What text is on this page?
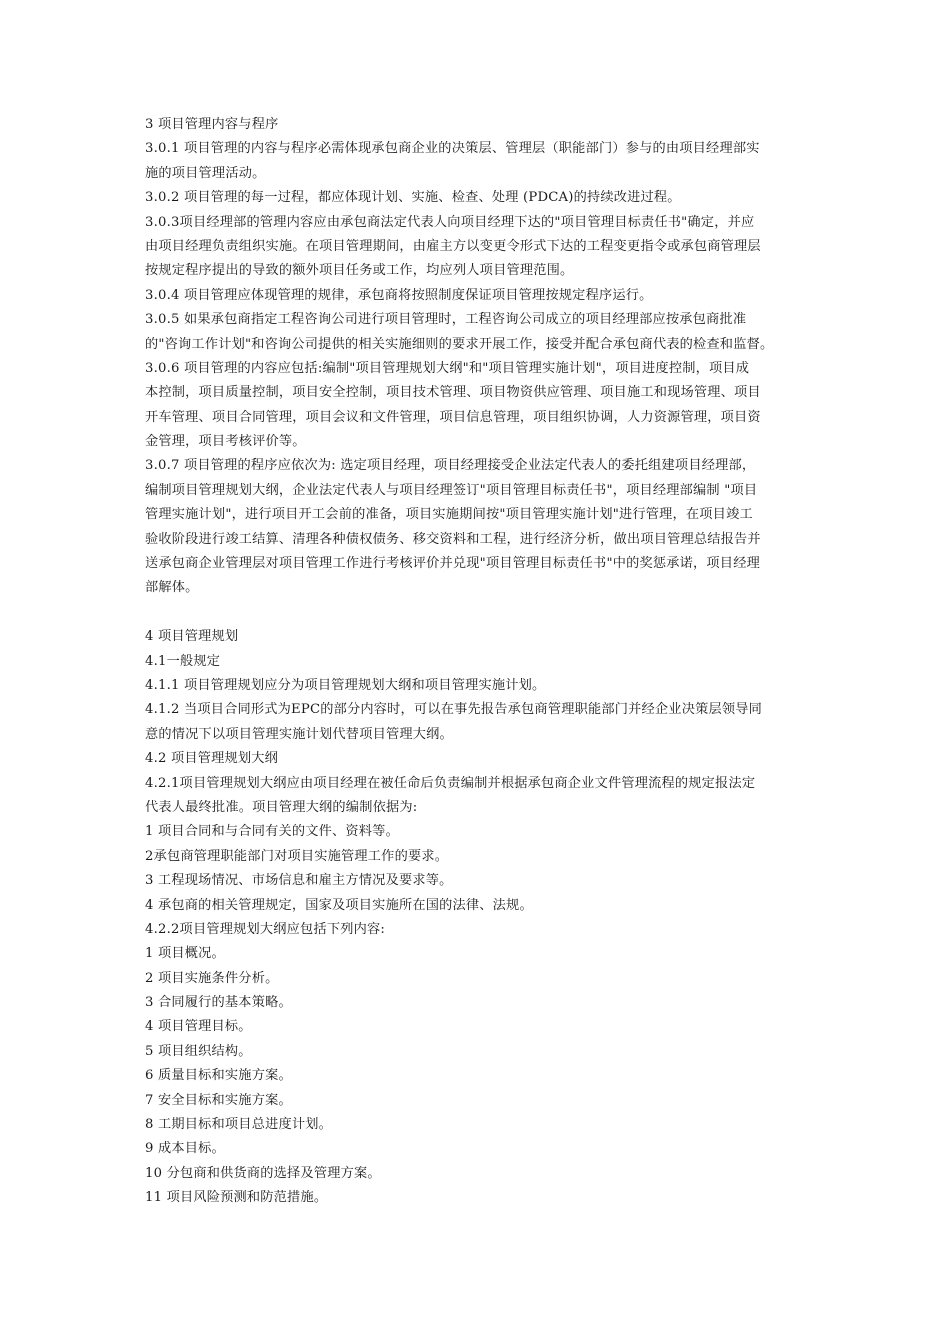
3 项目管理内容与程序
3.0.1 项目管理的内容与程序必需体现承包商企业的决策层、管理层（职能部门）参与的由项目经理部实
施的项目管理活动。
3.0.2 项目管理的每一过程，都应体现计划、实施、检查、处理 (PDCA)的持续改进过程。
3.0.3项目经理部的管理内容应由承包商法定代表人向项目经理下达的"项目管理目标责任书"确定，并应
由项目经理负责组织实施。在项目管理期间，由雇主方以变更令形式下达的工程变更指令或承包商管理层
按规定程序提出的导致的额外项目任务或工作，均应列人项目管理范围。
3.0.4 项目管理应体现管理的规律，承包商将按照制度保证项目管理按规定程序运行。
3.0.5 如果承包商指定工程咨询公司进行项目管理时，工程咨询公司成立的项目经理部应按承包商批准
的"咨询工作计划"和咨询公司提供的相关实施细则的要求开展工作，接受并配合承包商代表的检查和监督。
3.0.6 项目管理的内容应包括:编制"项目管理规划大纲"和"项目管理实施计划"，项目进度控制，项目成
本控制，项目质量控制，项目安全控制，项目技术管理、项目物资供应管理、项目施工和现场管理、项目
开车管理、项目合同管理，项目会议和文件管理，项目信息管理，项目组织协调，人力资源管理，项目资
金管理，项目考核评价等。
3.0.7 项目管理的程序应依次为: 选定项目经理，项目经理接受企业法定代表人的委托组建项目经理部，
编制项目管理规划大纲，企业法定代表人与项目经理签订"项目管理目标责任书"，项目经理部编制 "项目
管理实施计划"，进行项目开工会前的准备，项目实施期间按"项目管理实施计划"进行管理，在项目竣工
验收阶段进行竣工结算、清理各种债权债务、移交资料和工程，进行经济分析，做出项目管理总结报告并
送承包商企业管理层对项目管理工作进行考核评价并兑现"项目管理目标责任书"中的奖惩承诺，项目经理
部解体。
4 项目管理规划
4.1一般规定
4.1.1 项目管理规划应分为项目管理规划大纲和项目管理实施计划。
4.1.2 当项目合同形式为EPC的部分内容时，可以在事先报告承包商管理职能部门并经企业决策层领导同
意的情况下以项目管理实施计划代替项目管理大纲。
4.2 项目管理规划大纲
4.2.1项目管理规划大纲应由项目经理在被任命后负责编制并根据承包商企业文件管理流程的规定报法定
代表人最终批准。项目管理大纲的编制依据为:
1 项目合同和与合同有关的文件、资料等。
2承包商管理职能部门对项目实施管理工作的要求。
3 工程现场情况、市场信息和雇主方情况及要求等。
4 承包商的相关管理规定，国家及项目实施所在国的法律、法规。
4.2.2项目管理规划大纲应包括下列内容:
1 项目概况。
2 项目实施条件分析。
3 合同履行的基本策略。
4 项目管理目标。
5 项目组织结构。
6 质量目标和实施方案。
7 安全目标和实施方案。
8 工期目标和项目总进度计划。
9 成本目标。
10 分包商和供货商的选择及管理方案。
11 项目风险预测和防范措施。
